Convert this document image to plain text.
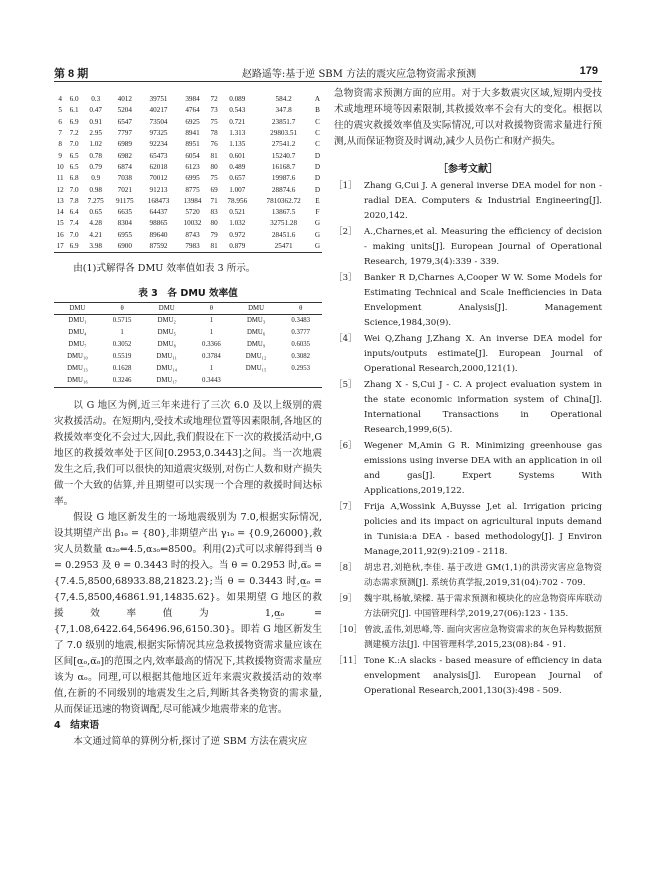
第 8 期	赵路遥等:基于逆 SBM 方法的震灾应急物资需求预测	179
4	6.0	0.3	4012	39751	3984	72	0.089	584.2	A
5	6.1	0.47	5204	40217	4764	73	0.543	347.8	B
6	6.9	0.91	6547	73504	6925	75	0.721	23851.7	C
7	7.2	2.95	7797	97325	8941	78	1.313	29803.51	C
8	7.0	1.02	6989	92234	8951	76	1.135	27541.2	C
9	6.5	0.78	6982	65473	6054	81	0.601	15240.7	D
10	6.5	0.79	6874	62018	6123	80	0.489	16168.7	D
11	6.8	0.9	7038	70012	6995	75	0.657	19987.6	D
12	7.0	0.98	7021	91213	8775	69	1.007	28874.6	D
13	7.8	7.275	91175	168473	13984	71	78.956	7810362.72	E
14	6.4	0.65	6635	64437	5720	83	0.521	13867.5	F
15	7.4	4.28	8304	98865	10032	80	1.032	32751.28	G
16	7.0	4.21	6955	89640	8743	79	0.972	28451.6	G
17	6.9	3.98	6900	87592	7983	81	0.879	25471	G

由(1)式解得各 DMU 效率值如表 3 所示。

表 3　各 DMU 效率值
DMU	θ	DMU	θ	DMU	θ
DMU₁	0.5715	DMU₂	1	DMU₃	0.3483
DMU₄	1	DMU₅	1	DMU₆	0.3777
DMU₇	0.3052	DMU₈	0.3366	DMU₉	0.6035
DMU₁₀	0.5519	DMU₁₁	0.3784	DMU₁₂	0.3082
DMU₁₃	0.1628	DMU₁₄	1	DMU₁₅	0.2953
DMU₁₆	0.3246	DMU₁₇	0.3443		

以 G 地区为例,近三年来进行了三次 6.0 及以上级别的震灾救援活动。在短期内,受技术或地理位置等因素限制,各地区的救援效率变化不会过大,因此,我们假设在下一次的救援活动中,G 地区的救援效率处于区间[0.2953,0.3443]之间。当一次地震发生之后,我们可以很快的知道震灾级别,对伤亡人数和财产损失做一个大致的估算,并且期望可以实现一个合理的救援时间达标率。

假设 G 地区新发生的一场地震级别为 7.0,根据实际情况,设其期望产出 β₁ₒ = {80},非期望产出 γ₁ₒ = {0.9,26000},救灾人员数量 α₂ₒ⇐4.5,α₃ₒ⇐8500。利用(2)式可以求解得到当 θ = 0.2953 及 θ = 0.3443 时的投入。当 θ = 0.2953 时,α̅ₒ = {7.4.5,8500,68933.88,21823.2};当 θ = 0.3443 时,α̲ₒ = {7,4.5,8500,46861.91,14835.62}。如果期望 G 地区的救援效率值为 1,α̲ₒ = {7,1.08,6422.64,56496.96,6150.30}。即若 G 地区新发生了 7.0 级别的地震,根据实际情况其应急救援物资需求量应该在区间[α̲ₒ,α̅ₒ]的范围之内,效率最高的情况下,其救援物资需求量应该为 αₒ。同理,可以根据其他地区近年来震灾救援活动的效率值,在新的不同级别的地震发生之后,判断其各类物资的需求量,从而保证迅速的物资调配,尽可能减少地震带来的危害。

4　结束语

本文通过简单的算例分析,探讨了逆 SBM 方法在震灾应

急物资需求预测方面的应用。对于大多数震灾区域,短期内受技术或地理环境等因素限制,其救援效率不会有大的变化。根据以往的震灾救援效率值及实际情况,可以对救援物资需求量进行预测,从而保证物资及时调动,减少人员伤亡和财产损失。

［参考文献］
［1］ Zhang G,Cui J. A general inverse DEA model for non - radial DEA. Computers & Industrial Engineering[J]. 2020,142.
［2］ A.,Charnes,et al. Measuring the efficiency of decision - making units[J]. European Journal of Operational Research, 1979,3(4):339 - 339.
［3］ Banker R D,Charnes A,Cooper W W. Some Models for Estimating Technical and Scale Inefficiencies in Data Envelopment Analysis[J]. Management Science,1984,30(9).
［4］ Wei Q,Zhang J,Zhang X. An inverse DEA model for inputs/outputs estimate[J]. European Journal of Operational Research,2000,121(1).
［5］ Zhang X - S,Cui J - C. A project evaluation system in the state economic information system of China[J]. International Transactions in Operational Research,1999,6(5).
［6］ Wegener M,Amin G R. Minimizing greenhouse gas emissions using inverse DEA with an application in oil and gas[J]. Expert Systems With Applications,2019,122.
［7］ Frija A,Wossink A,Buysse J,et al. Irrigation pricing policies and its impact on agricultural inputs demand in Tunisia:a DEA - based methodology[J]. J Environ Manage,2011,92(9):2109 - 2118.
［8］ 胡忠君,刘艳秋,李佳. 基于改进 GM(1,1)的洪涝灾害应急物资动态需求预测[J]. 系统仿真学报,2019,31(04):702 - 709.
［9］ 魏宇琪,杨敏,梁樑. 基于需求预测和模块化的应急物资库库联动方法研究[J]. 中国管理科学,2019,27(06):123 - 135.
［10］ 曾波,孟伟,刘思峰,等. 面向灾害应急物资需求的灰色异构数据预测建模方法[J]. 中国管理科学,2015,23(08):84 - 91.
［11］ Tone K.:A slacks - based measure of efficiency in data envelopment analysis[J]. European Journal of Operational Research,2001,130(3):498 - 509.
